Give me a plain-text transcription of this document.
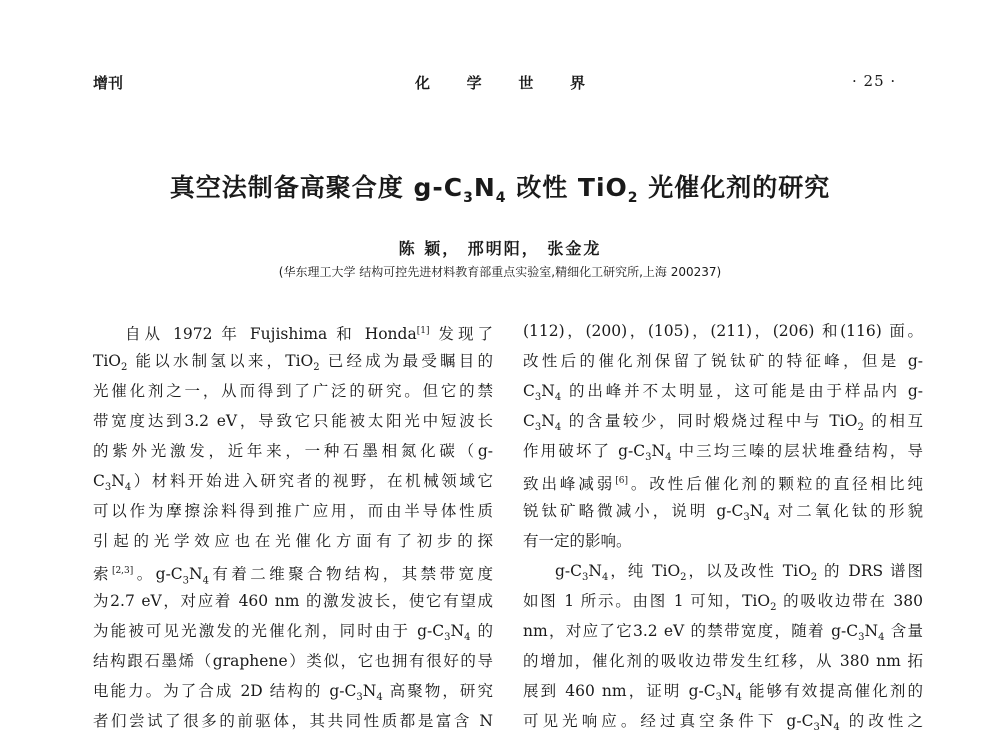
增刊	化 学 世 界	· 25 ·
真空法制备高聚合度 $g-C_3N_4$ 改性 TiO$_2$ 光催化剂的研究
陈 颖， 邢明阳， 张金龙
(华东理工大学 结构可控先进材料教育部重点实验室,精细化工研究所,上海 200237)
自从 1972 年 Fujishima 和 Honda[1] 发现了
TiO$_2$ 能以水制氢以来，TiO$_2$ 已经成为最受瞩目的
光催化剂之一，从而得到了广泛的研究。但它的禁
带宽度达到3.2 eV，导致它只能被太阳光中短波长
的紫外光激发，近年来，一种石墨相氮化碳（g-
$C_3N_4$）材料开始进入研究者的视野，在机械领域它
可以作为摩擦涂料得到推广应用，而由半导体性质
引起的光学效应也在光催化方面有了初步的探
索[2,3]。$g-C_3N_4$有着二维聚合物结构，其禁带宽度
为2.7 eV，对应着 460 nm 的激发波长，使它有望成
为能被可见光激发的光催化剂，同时由于 $g-C_3N_4$ 的
结构跟石墨烯（graphene）类似，它也拥有很好的导
电能力。为了合成 2D 结构的 $g-C_3N_4$ 高聚物，研究
者们尝试了很多的前驱体，其共同性质都是富含 N
(112)，(200)，(105)，(211)，(206) 和(116) 面。
改性后的催化剂保留了锐钛矿的特征峰，但是 g-
$C_3N_4$ 的出峰并不太明显，这可能是由于样品内 g-
$C_3N_4$ 的含量较少，同时煅烧过程中与 TiO$_2$ 的相互
作用破坏了 $g-C_3N_4$ 中三均三嗪的层状堆叠结构，导
致出峰减弱[6]。改性后催化剂的颗粒的直径相比纯
锐钛矿略微减小，说明 $g-C_3N_4$ 对二氧化钛的形貌
有一定的影响。
$g-C_3N_4$，纯 TiO$_2$，以及改性 TiO$_2$ 的 DRS 谱图
如图 1 所示。由图 1 可知，TiO$_2$ 的吸收边带在 380
nm，对应了它3.2 eV 的禁带宽度，随着 $g-C_3N_4$ 含量
的增加，催化剂的吸收边带发生红移，从 380 nm 拓
展到 460 nm，证明 $g-C_3N_4$ 能够有效提高催化剂的
可见光响应。经过真空条件下 $g-C_3N_4$ 的改性之
